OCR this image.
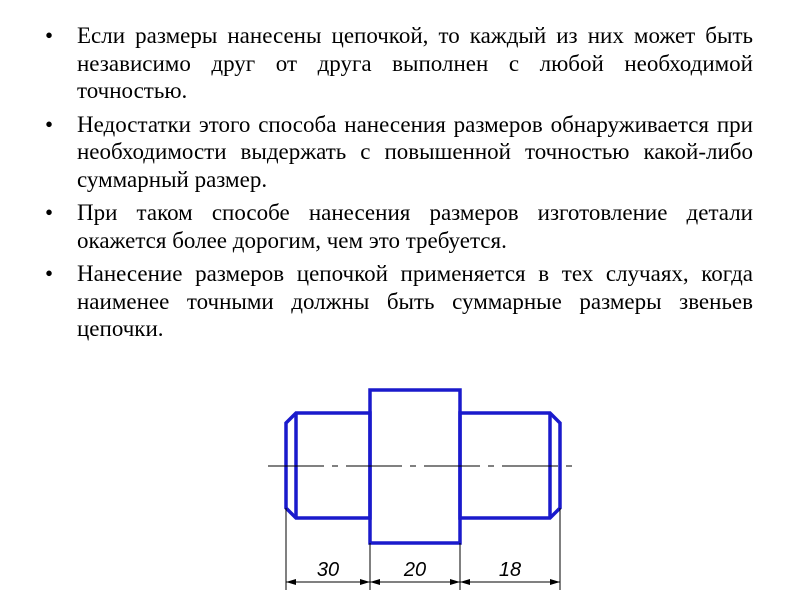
• Если размеры нанесены цепочкой, то каждый из них может быть независимо друг от друга выполнен с любой необходимой точностью.
• Недостатки этого способа нанесения размеров обнаруживается при необходимости выдержать с повышенной точностью какой-либо суммарный размер.
• При таком способе нанесения размеров изготовление детали окажется более дорогим, чем это требуется.
• Нанесение размеров цепочкой применяется в тех случаях, когда наименее точными должны быть суммарные размеры звеньев цепочки.
30	20	18
